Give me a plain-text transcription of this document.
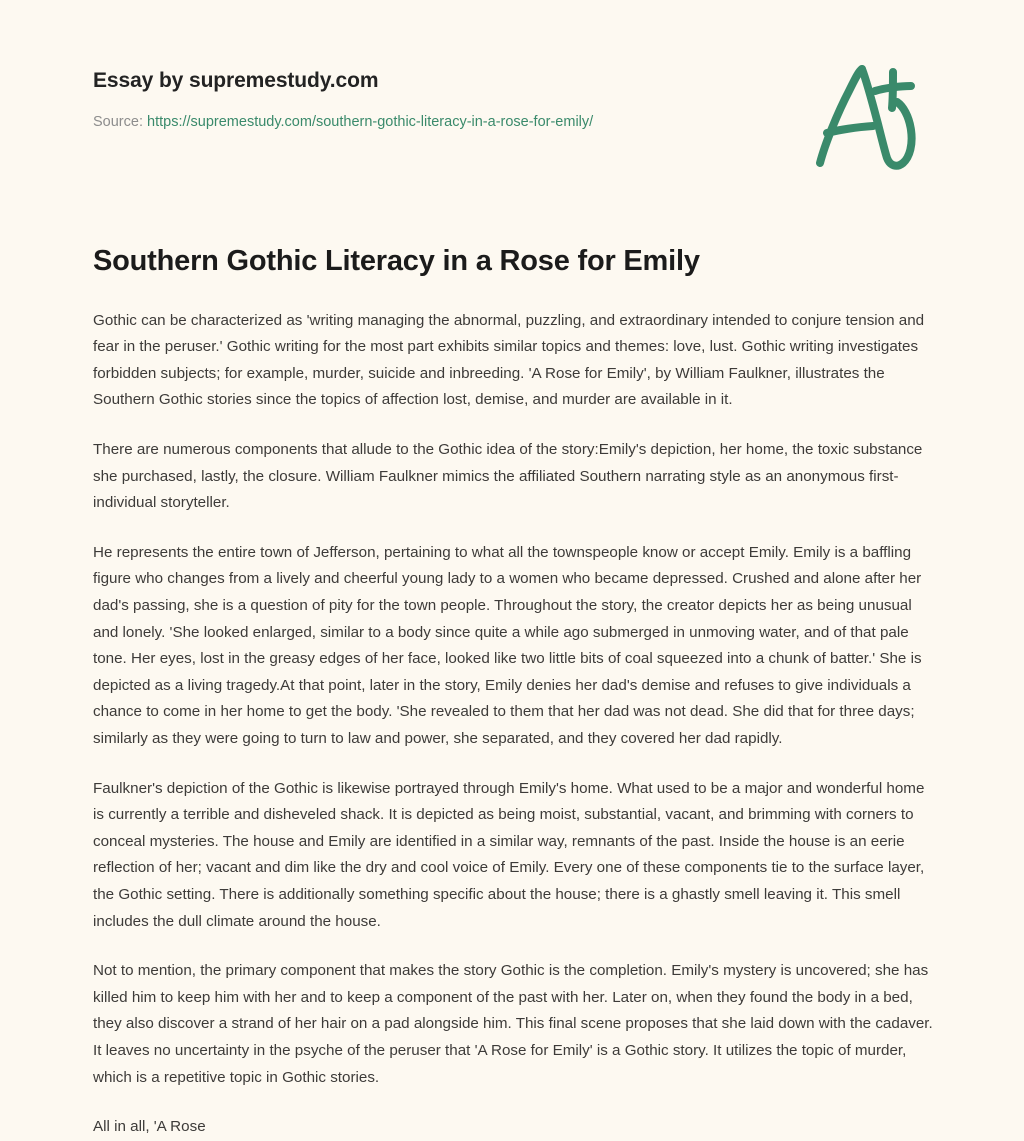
Essay by supremestudy.com

Source: https://supremestudy.com/southern-gothic-literacy-in-a-rose-for-emily/

Southern Gothic Literacy in a Rose for Emily

Gothic can be characterized as 'writing managing the abnormal, puzzling, and extraordinary intended to conjure tension and fear in the peruser.' Gothic writing for the most part exhibits similar topics and themes: love, lust. Gothic writing investigates forbidden subjects; for example, murder, suicide and inbreeding. 'A Rose for Emily', by William Faulkner, illustrates the Southern Gothic stories since the topics of affection lost, demise, and murder are available in it.

There are numerous components that allude to the Gothic idea of the story:Emily's depiction, her home, the toxic substance she purchased, lastly, the closure. William Faulkner mimics the affiliated Southern narrating style as an anonymous first-individual storyteller.

He represents the entire town of Jefferson, pertaining to what all the townspeople know or accept Emily. Emily is a baffling figure who changes from a lively and cheerful young lady to a women who became depressed. Crushed and alone after her dad's passing, she is a question of pity for the town people. Throughout the story, the creator depicts her as being unusual and lonely. 'She looked enlarged, similar to a body since quite a while ago submerged in unmoving water, and of that pale tone. Her eyes, lost in the greasy edges of her face, looked like two little bits of coal squeezed into a chunk of batter.' She is depicted as a living tragedy.At that point, later in the story, Emily denies her dad's demise and refuses to give individuals a chance to come in her home to get the body. 'She revealed to them that her dad was not dead. She did that for three days; similarly as they were going to turn to law and power, she separated, and they covered her dad rapidly.

Faulkner's depiction of the Gothic is likewise portrayed through Emily's home. What used to be a major and wonderful home is currently a terrible and disheveled shack. It is depicted as being moist, substantial, vacant, and brimming with corners to conceal mysteries. The house and Emily are identified in a similar way, remnants of the past. Inside the house is an eerie reflection of her; vacant and dim like the dry and cool voice of Emily. Every one of these components tie to the surface layer, the Gothic setting. There is additionally something specific about the house; there is a ghastly smell leaving it. This smell includes the dull climate around the house.

Not to mention, the primary component that makes the story Gothic is the completion. Emily's mystery is uncovered; she has killed him to keep him with her and to keep a component of the past with her. Later on, when they found the body in a bed, they also discover a strand of her hair on a pad alongside him. This final scene proposes that she laid down with the cadaver. It leaves no uncertainty in the psyche of the peruser that 'A Rose for Emily' is a Gothic story. It utilizes the topic of murder, which is a repetitive topic in Gothic stories.

All in all, 'A Rose
